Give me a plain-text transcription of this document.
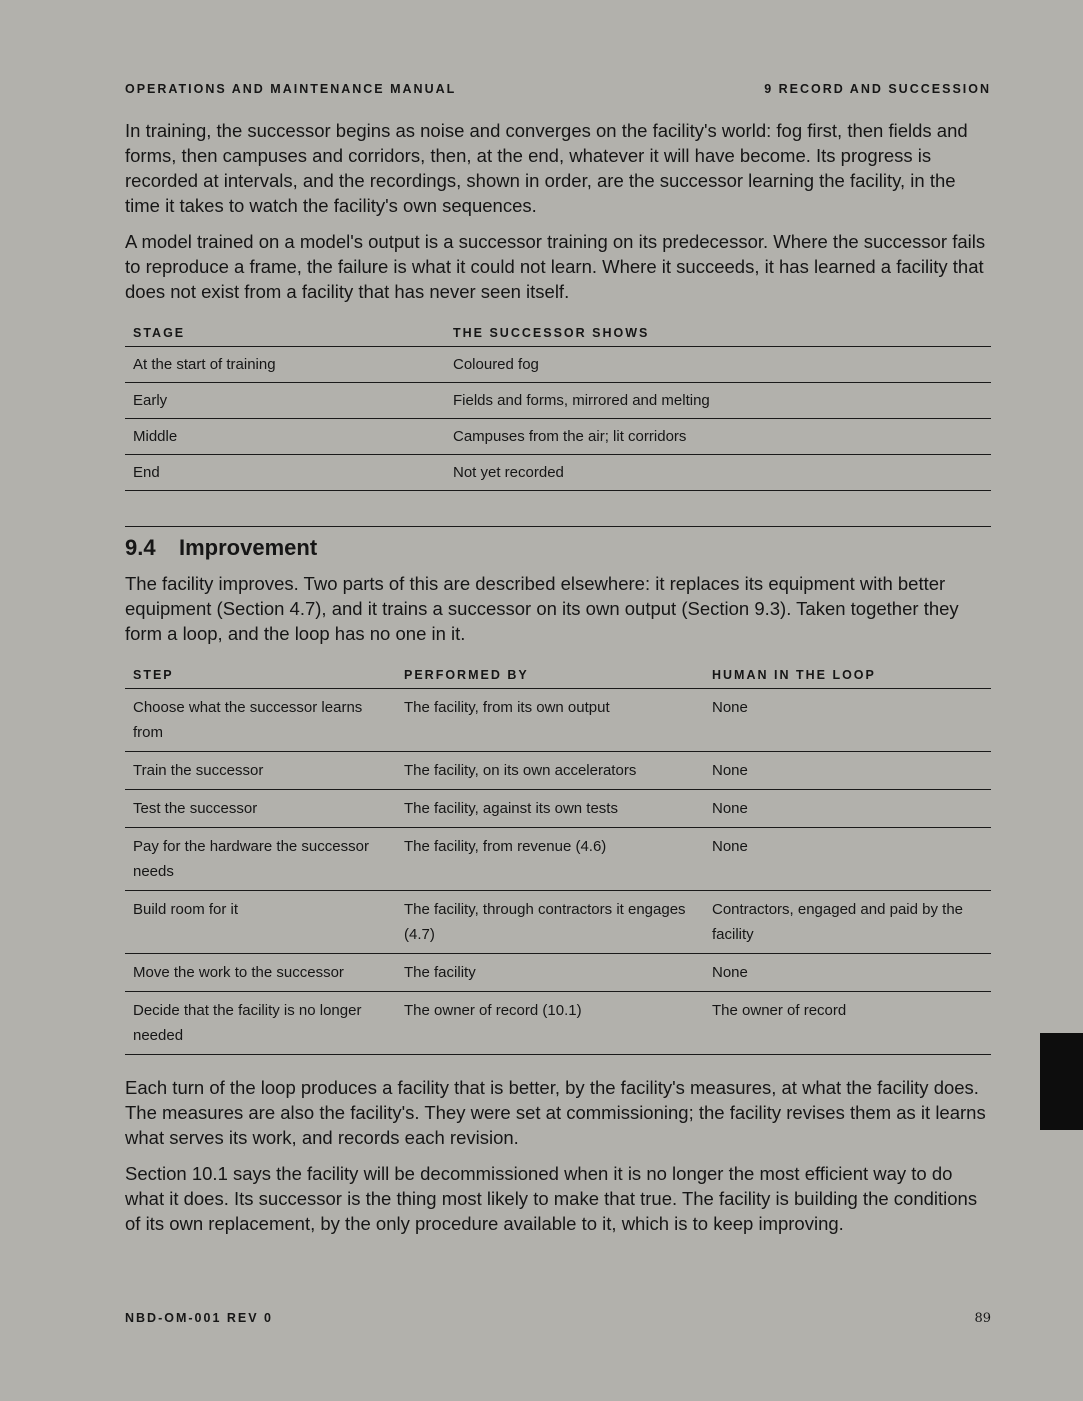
OPERATIONS AND MAINTENANCE MANUAL	9 RECORD AND SUCCESSION

In training, the successor begins as noise and converges on the facility's world: fog first, then fields and forms, then campuses and corridors, then, at the end, whatever it will have become. Its progress is recorded at intervals, and the recordings, shown in order, are the successor learning the facility, in the time it takes to watch the facility's own sequences.

A model trained on a model's output is a successor training on its predecessor. Where the successor fails to reproduce a frame, the failure is what it could not learn. Where it succeeds, it has learned a facility that does not exist from a facility that has never seen itself.

STAGE	THE SUCCESSOR SHOWS
At the start of training	Coloured fog
Early	Fields and forms, mirrored and melting
Middle	Campuses from the air; lit corridors
End	Not yet recorded
9.4 Improvement

The facility improves. Two parts of this are described elsewhere: it replaces its equipment with better equipment (Section 4.7), and it trains a successor on its own output (Section 9.3). Taken together they form a loop, and the loop has no one in it.

STEP	PERFORMED BY	HUMAN IN THE LOOP
Choose what the successor learns from	The facility, from its own output	None
Train the successor	The facility, on its own accelerators	None
Test the successor	The facility, against its own tests	None
Pay for the hardware the successor needs	The facility, from revenue (4.6)	None
Build room for it	The facility, through contractors it engages (4.7)	Contractors, engaged and paid by the facility
Move the work to the successor	The facility	None
Decide that the facility is no longer needed	The owner of record (10.1)	The owner of record

Each turn of the loop produces a facility that is better, by the facility's measures, at what the facility does. The measures are also the facility's. They were set at commissioning; the facility revises them as it learns what serves its work, and records each revision.

Section 10.1 says the facility will be decommissioned when it is no longer the most efficient way to do what it does. Its successor is the thing most likely to make that true. The facility is building the conditions of its own replacement, by the only procedure available to it, which is to keep improving.

NBD-OM-001 REV 0	89
